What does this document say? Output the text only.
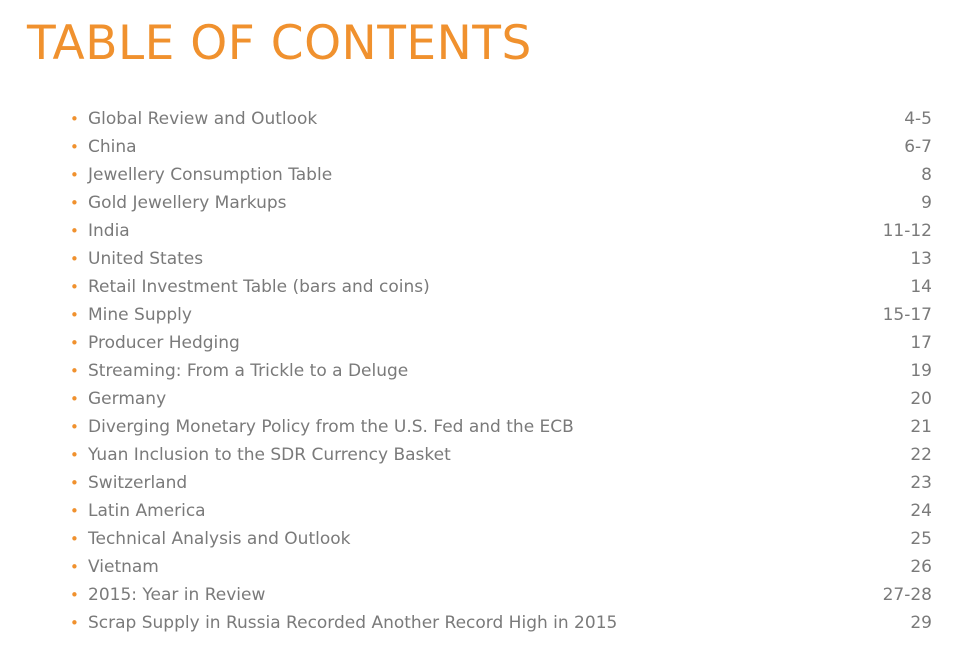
TABLE OF CONTENTS
• Global Review and Outlook	4-5
• China	6-7
• Jewellery Consumption Table	8
• Gold Jewellery Markups	9
• India	11-12
• United States	13
• Retail Investment Table (bars and coins)	14
• Mine Supply	15-17
• Producer Hedging	17
• Streaming: From a Trickle to a Deluge	19
• Germany	20
• Diverging Monetary Policy from the U.S. Fed and the ECB	21
• Yuan Inclusion to the SDR Currency Basket	22
• Switzerland	23
• Latin America	24
• Technical Analysis and Outlook	25
• Vietnam	26
• 2015: Year in Review	27-28
• Scrap Supply in Russia Recorded Another Record High in 2015	29
